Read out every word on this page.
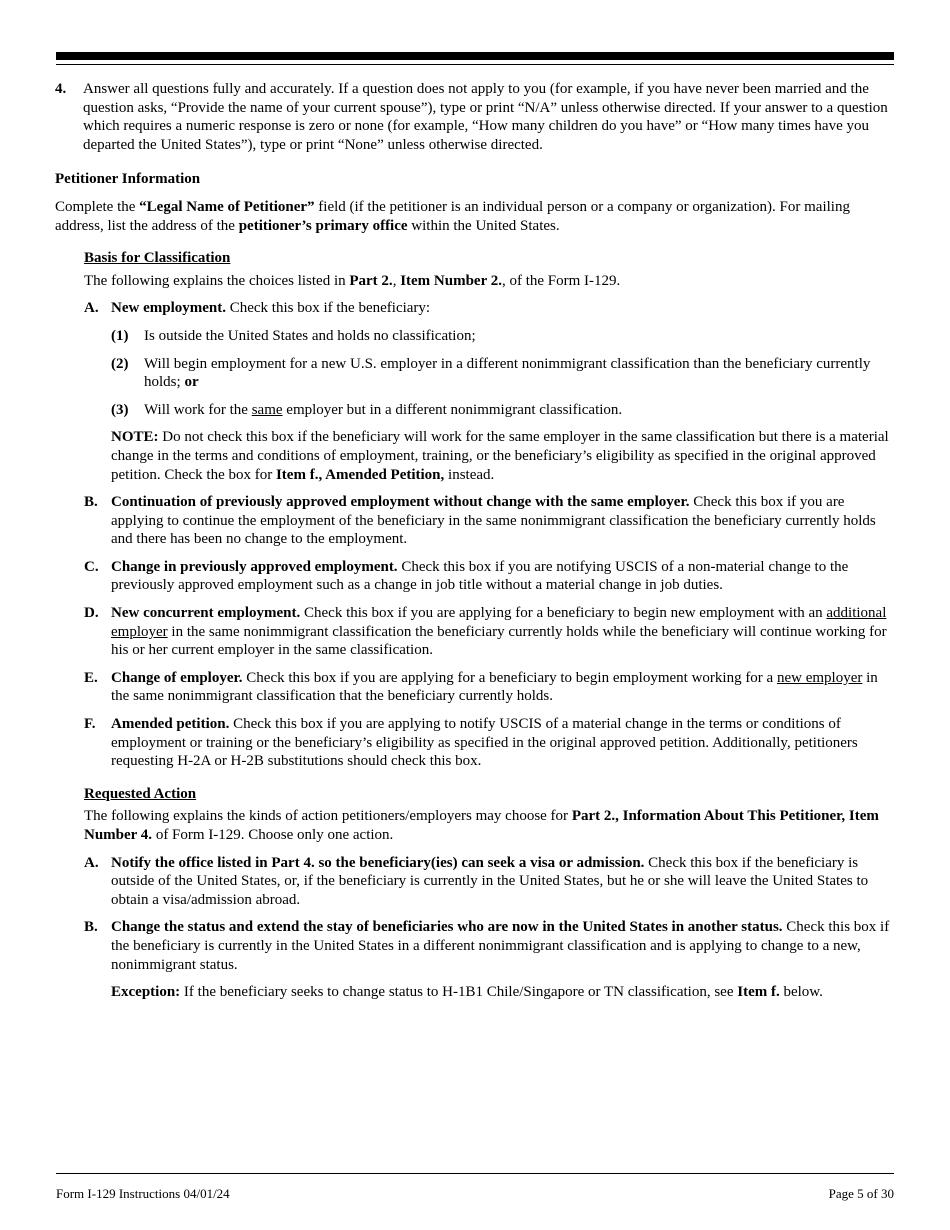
4.	Answer all questions fully and accurately. If a question does not apply to you (for example, if you have never been married and the question asks, “Provide the name of your current spouse”), type or print “N/A” unless otherwise directed. If your answer to a question which requires a numeric response is zero or none (for example, “How many children do you have” or “How many times have you departed the United States”), type or print “None” unless otherwise directed.
Petitioner Information
Complete the “Legal Name of Petitioner” field (if the petitioner is an individual person or a company or organization). For mailing address, list the address of the petitioner’s primary office within the United States.
Basis for Classification
The following explains the choices listed in Part 2., Item Number 2., of the Form I-129.
A. New employment. Check this box if the beneficiary:
(1)	Is outside the United States and holds no classification;
(2)	Will begin employment for a new U.S. employer in a different nonimmigrant classification than the beneficiary currently holds; or
(3)	Will work for the same employer but in a different nonimmigrant classification.
NOTE: Do not check this box if the beneficiary will work for the same employer in the same classification but there is a material change in the terms and conditions of employment, training, or the beneficiary’s eligibility as specified in the original approved petition. Check the box for Item f., Amended Petition, instead.
B. Continuation of previously approved employment without change with the same employer. Check this box if you are applying to continue the employment of the beneficiary in the same nonimmigrant classification the beneficiary currently holds and there has been no change to the employment.
C. Change in previously approved employment. Check this box if you are notifying USCIS of a non-material change to the previously approved employment such as a change in job title without a material change in job duties.
D. New concurrent employment. Check this box if you are applying for a beneficiary to begin new employment with an additional employer in the same nonimmigrant classification the beneficiary currently holds while the beneficiary will continue working for his or her current employer in the same classification.
E. Change of employer. Check this box if you are applying for a beneficiary to begin employment working for a new employer in the same nonimmigrant classification that the beneficiary currently holds.
F.	Amended petition. Check this box if you are applying to notify USCIS of a material change in the terms or conditions of employment or training or the beneficiary’s eligibility as specified in the original approved petition. Additionally, petitioners requesting H-2A or H-2B substitutions should check this box.
Requested Action
The following explains the kinds of action petitioners/employers may choose for Part 2., Information About This Petitioner, Item Number 4. of Form I-129. Choose only one action.
A. Notify the office listed in Part 4. so the beneficiary(ies) can seek a visa or admission. Check this box if the beneficiary is outside of the United States, or, if the beneficiary is currently in the United States, but he or she will leave the United States to obtain a visa/admission abroad.
B. Change the status and extend the stay of beneficiaries who are now in the United States in another status. Check this box if the beneficiary is currently in the United States in a different nonimmigrant classification and is applying to change to a new, nonimmigrant status.
Exception: If the beneficiary seeks to change status to H-1B1 Chile/Singapore or TN classification, see Item f. below.
Form I-129 Instructions 04/01/24	Page 5 of 30
